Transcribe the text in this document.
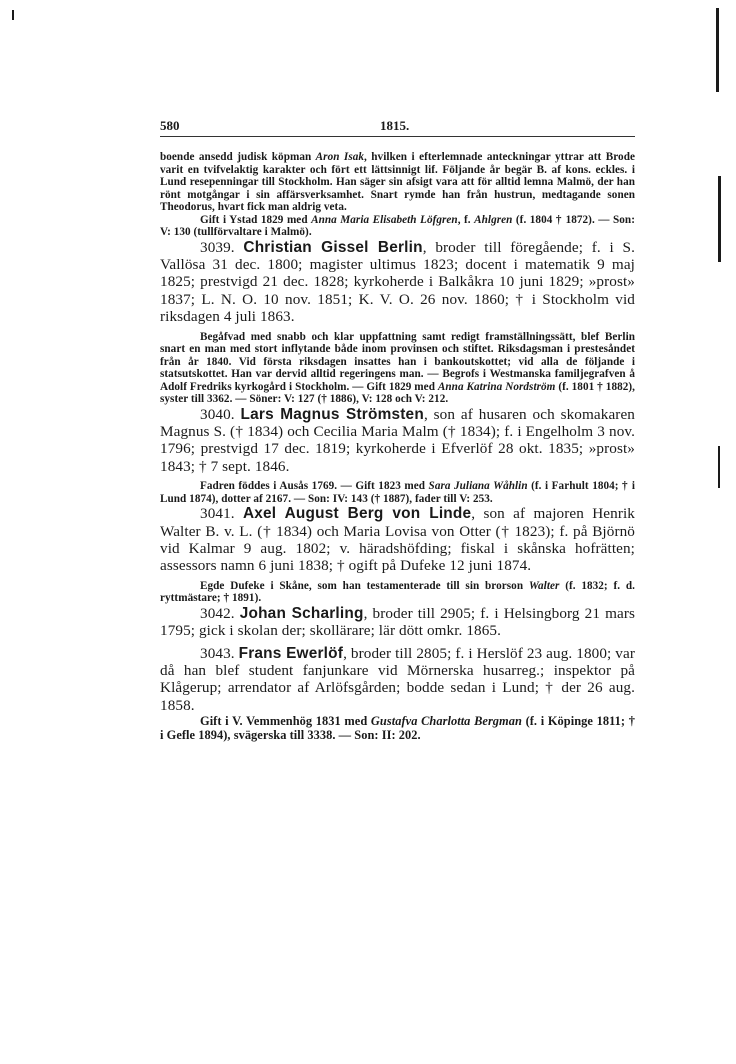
580	1815.

boende ansedd judisk köpman Aron Isak, hvilken i efterlemnade anteckningar yttrar att Brode varit en tvifvelaktig karakter och fört ett lättsinnigt lif. Följande år begär B. af kons. eckles. i Lund resepenningar till Stockholm. Han säger sin afsigt vara att för alltid lemna Malmö, der han rönt motgångar i sin affärsverksamhet. Snart rymde han från hustrun, medtagande sonen Theodorus, hvart fick man aldrig veta.

Gift i Ystad 1829 med Anna Maria Elisabeth Löfgren, f. Ahlgren (f. 1804 † 1872). — Son: V: 130 (tullförvaltare i Malmö).

3039. Christian Gissel Berlin, broder till föregående; f. i S. Vallösa 31 dec. 1800; magister ultimus 1823; docent i matematik 9 maj 1825; prestvigd 21 dec. 1828; kyrkoherde i Balkåkra 10 juni 1829; »prost» 1837; L. N. O. 10 nov. 1851; K. V. O. 26 nov. 1860; † i Stockholm vid riksdagen 4 juli 1863.

Begåfvad med snabb och klar uppfattning samt redigt framställningssätt, blef Berlin snart en man med stort inflytande både inom provinsen och stiftet. Riksdagsman i prestesåndet från år 1840. Vid första riksdagen insattes han i bankoutskottet; vid alla de följande i statsutskottet. Han var dervid alltid regeringens man. — Begrofs i Westmanska familjegrafven å Adolf Fredriks kyrkogård i Stockholm. — Gift 1829 med Anna Katrina Nordström (f. 1801 † 1882), syster till 3362. — Söner: V: 127 († 1886), V: 128 och V: 212.

3040. Lars Magnus Strömsten, son af husaren och skomakaren Magnus S. († 1834) och Cecilia Maria Malm († 1834); f. i Engelholm 3 nov. 1796; prestvigd 17 dec. 1819; kyrkoherde i Efverlöf 28 okt. 1835; »prost» 1843; † 7 sept. 1846.

Fadren föddes i Ausås 1769. — Gift 1823 med Sara Juliana Wåhlin (f. i Farhult 1804; † i Lund 1874), dotter af 2167. — Son: IV: 143 († 1887), fader till V: 253.

3041. Axel August Berg von Linde, son af majoren Henrik Walter B. v. L. († 1834) och Maria Lovisa von Otter († 1823); f. på Björnö vid Kalmar 9 aug. 1802; v. häradshöfding; fiskal i skånska hofrätten; assessors namn 6 juni 1838; † ogift på Dufeke 12 juni 1874.

Egde Dufeke i Skåne, som han testamenterade till sin brorson Walter (f. 1832; f. d. ryttmästare; † 1891).

3042. Johan Scharling, broder till 2905; f. i Helsingborg 21 mars 1795; gick i skolan der; skollärare; lär dött omkr. 1865.

3043. Frans Ewerlöf, broder till 2805; f. i Herslöf 23 aug. 1800; var då han blef student fanjunkare vid Mörnerska husarreg.; inspektor på Klågerup; arrendator af Arlöfsgården; bodde sedan i Lund; † der 26 aug. 1858.

Gift i V. Vemmenhög 1831 med Gustafva Charlotta Bergman (f. i Köpinge 1811; † i Gefle 1894), svägerska till 3338. — Son: II: 202.
